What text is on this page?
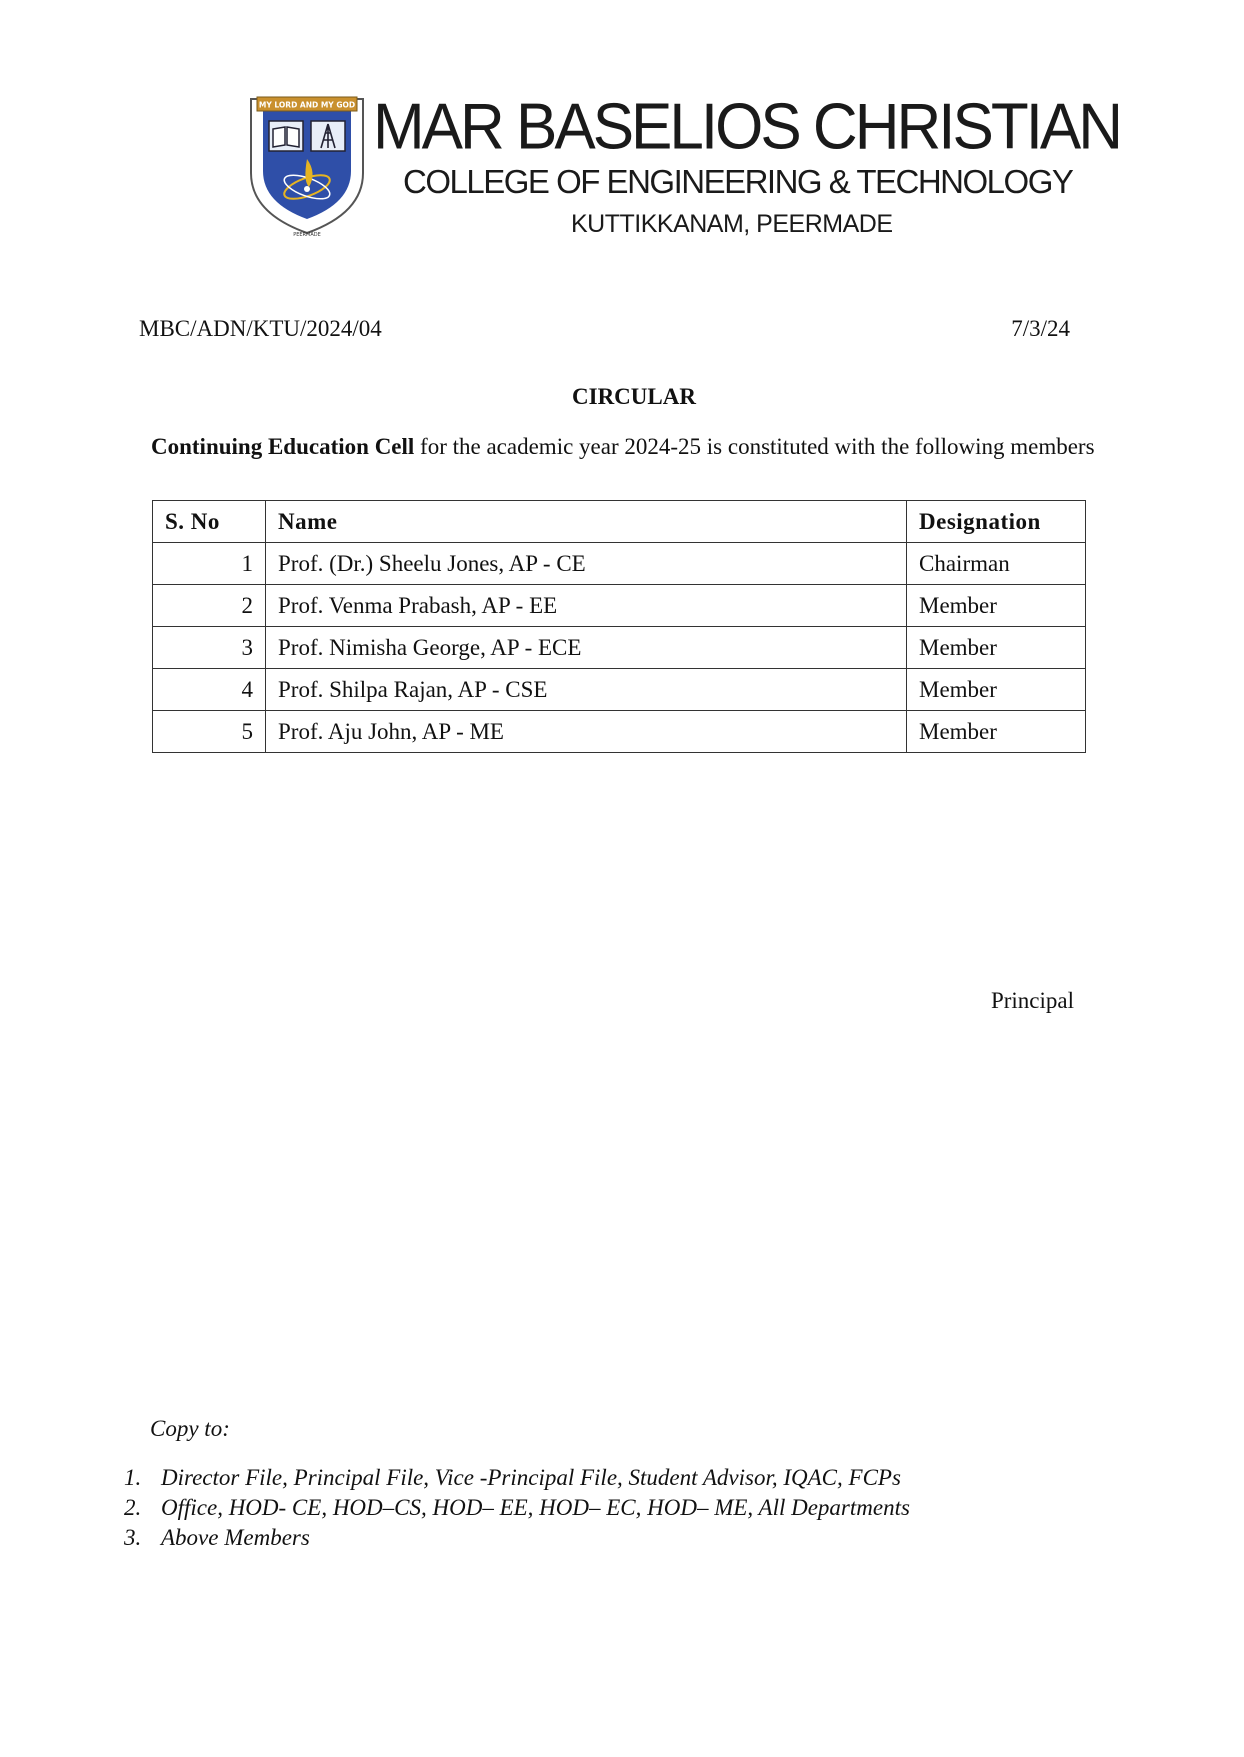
MY LORD AND MY GOD
PEERMADE
MAR BASELIOS CHRISTIAN
COLLEGE OF ENGINEERING & TECHNOLOGY
KUTTIKKANAM, PEERMADE
MBC/ADN/KTU/2024/04	7/3/24
CIRCULAR
Continuing Education Cell for the academic year 2024-25 is constituted with the following members
S. No	Name	Designation
1	Prof. (Dr.) Sheelu Jones, AP - CE	Chairman
2	Prof. Venma Prabash, AP - EE	Member
3	Prof. Nimisha George, AP - ECE	Member
4	Prof. Shilpa Rajan, AP - CSE	Member
5	Prof. Aju John, AP - ME	Member
Principal
Copy to:
1. Director File, Principal File, Vice -Principal File, Student Advisor, IQAC, FCPs
2. Office, HOD- CE, HOD–CS, HOD– EE, HOD– EC, HOD– ME, All Departments
3. Above Members
